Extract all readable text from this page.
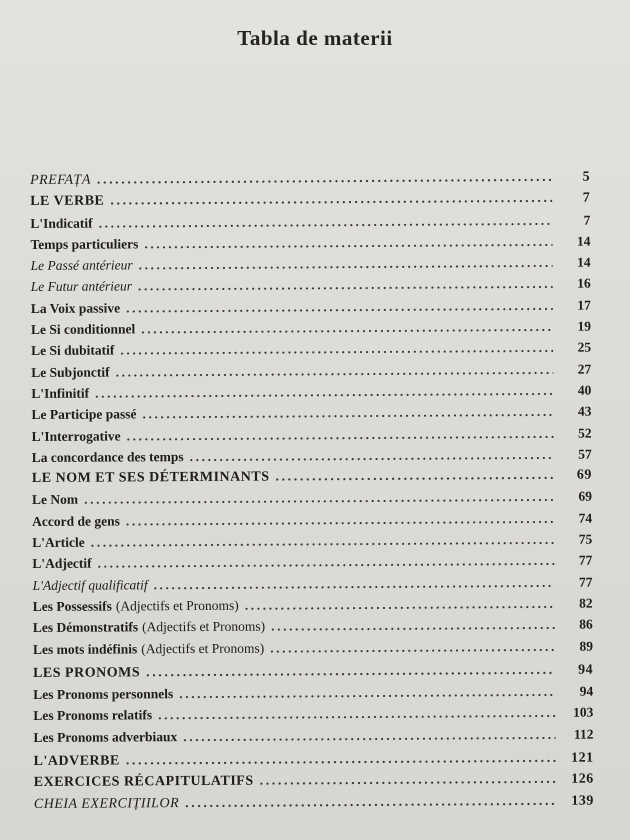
Tabla de materii
PREFAȚA .....	5
LE VERBE .....	7
L'Indicatif .....	7
Temps particuliers .....	14
Le Passé antérieur .....	14
Le Futur antérieur .....	16
La Voix passive .....	17
Le Si conditionnel .....	19
Le Si dubitatif .....	25
Le Subjonctif .....	27
L'Infinitif .....	40
Le Participe passé .....	43
L'Interrogative .....	52
La concordance des temps .....	57
LE NOM ET SES DÉTERMINANTS .....	69
Le Nom .....	69
Accord de gens .....	74
L'Article .....	75
L'Adjectif .....	77
L'Adjectif qualificatif .....	77
Les Possessifs (Adjectifs et Pronoms) .....	82
Les Démonstratifs (Adjectifs et Pronoms) .....	86
Les mots indéfinis (Adjectifs et Pronoms) .....	89
LES PRONOMS .....	94
Les Pronoms personnels .....	94
Les Pronoms relatifs .....	103
Les Pronoms adverbiaux .....	112
L'ADVERBE .....	121
EXERCICES RÉCAPITULATIFS .....	126
CHEIA EXERCIȚIILOR .....	139
